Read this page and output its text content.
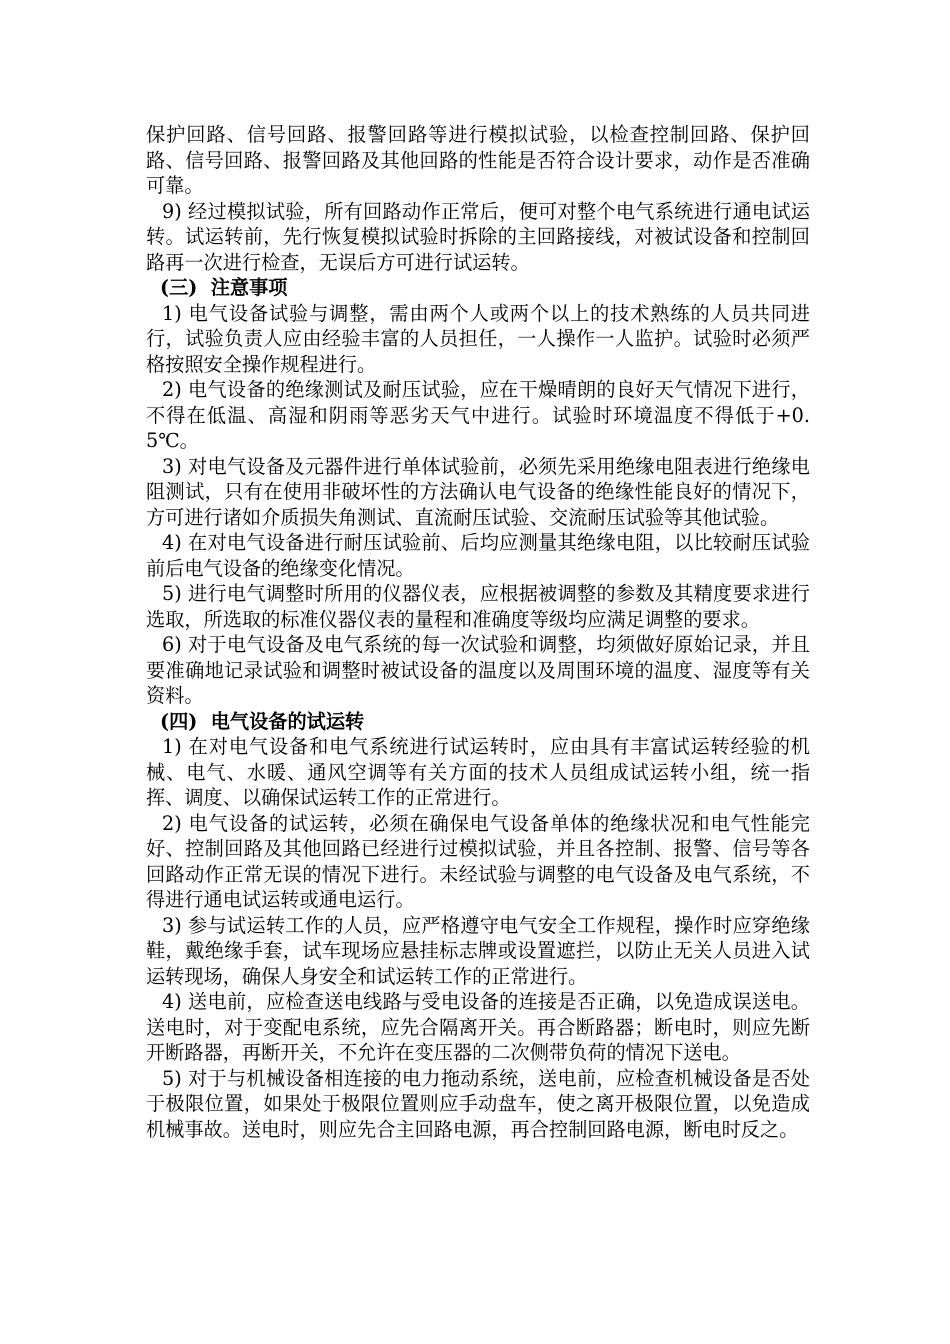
保护回路、信号回路、报警回路等进行模拟试验，以检查控制回路、保护回路、信号回路、报警回路及其他回路的性能是否符合设计要求，动作是否准确可靠。

9) 经过模拟试验，所有回路动作正常后，便可对整个电气系统进行通电试运转。试运转前，先行恢复模拟试验时拆除的主回路接线，对被试设备和控制回路再一次进行检查，无误后方可进行试运转。

(三)  注意事项

1) 电气设备试验与调整，需由两个人或两个以上的技术熟练的人员共同进行，试验负责人应由经验丰富的人员担任，一人操作一人监护。试验时必须严格按照安全操作规程进行。

2) 电气设备的绝缘测试及耐压试验，应在干燥晴朗的良好天气情况下进行，不得在低温、高湿和阴雨等恶劣天气中进行。试验时环境温度不得低于+0.5℃。

3) 对电气设备及元器件进行单体试验前，必须先采用绝缘电阻表进行绝缘电阻测试，只有在使用非破坏性的方法确认电气设备的绝缘性能良好的情况下，方可进行诸如介质损失角测试、直流耐压试验、交流耐压试验等其他试验。

4) 在对电气设备进行耐压试验前、后均应测量其绝缘电阻，以比较耐压试验前后电气设备的绝缘变化情况。

5) 进行电气调整时所用的仪器仪表，应根据被调整的参数及其精度要求进行选取，所选取的标准仪器仪表的量程和准确度等级均应满足调整的要求。

6) 对于电气设备及电气系统的每一次试验和调整，均须做好原始记录，并且要准确地记录试验和调整时被试设备的温度以及周围环境的温度、湿度等有关资料。

(四)  电气设备的试运转

1) 在对电气设备和电气系统进行试运转时，应由具有丰富试运转经验的机械、电气、水暖、通风空调等有关方面的技术人员组成试运转小组，统一指挥、调度、以确保试运转工作的正常进行。

2) 电气设备的试运转，必须在确保电气设备单体的绝缘状况和电气性能完好、控制回路及其他回路已经进行过模拟试验，并且各控制、报警、信号等各回路动作正常无误的情况下进行。未经试验与调整的电气设备及电气系统，不得进行通电试运转或通电运行。

3) 参与试运转工作的人员，应严格遵守电气安全工作规程，操作时应穿绝缘鞋，戴绝缘手套，试车现场应悬挂标志牌或设置遮拦，以防止无关人员进入试运转现场，确保人身安全和试运转工作的正常进行。

4) 送电前，应检查送电线路与受电设备的连接是否正确，以免造成误送电。送电时，对于变配电系统，应先合隔离开关。再合断路器；断电时，则应先断开断路器，再断开关，不允许在变压器的二次侧带负荷的情况下送电。

5) 对于与机械设备相连接的电力拖动系统，送电前，应检查机械设备是否处于极限位置，如果处于极限位置则应手动盘车，使之离开极限位置，以免造成机械事故。送电时，则应先合主回路电源，再合控制回路电源，断电时反之。
